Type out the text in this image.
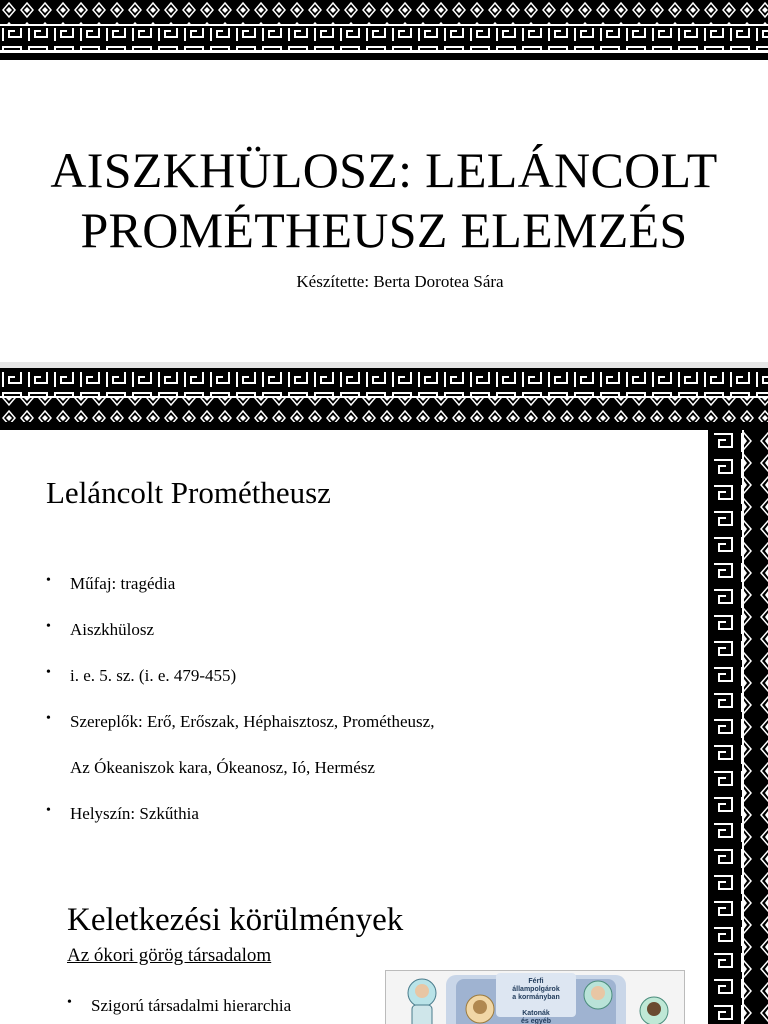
AISZKHÜLOSZ: LELÁNCOLT
PROMÉTHEUSZ ELEMZÉS
Készítette: Berta Dorotea Sára
Leláncolt Prométheusz
• Műfaj: tragédia
• Aiszkhülosz
• i. e. 5. sz. (i. e. 479-455)
• Szereplők: Erő, Erőszak, Héphaisztosz, Prométheusz,
Az Ókeaniszok kara, Ókeanosz, Ió, Hermész
• Helyszín: Szkűthia
Keletkezési körülmények
Az ókori görög társadalom
• Szigorú társadalmi hierarchia
Férfi
állampolgárok
a kormányban
Katonák
és egyéb
